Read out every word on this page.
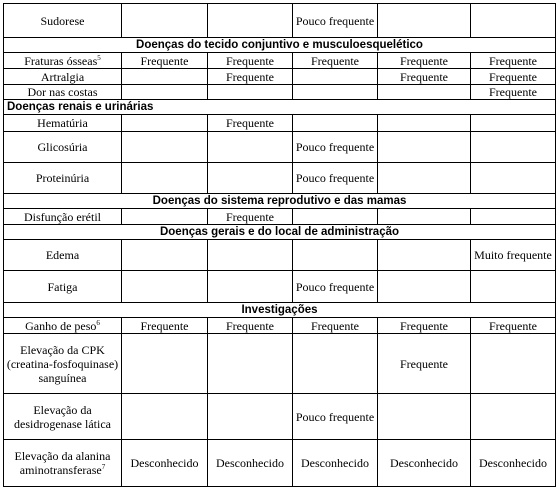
Sudorese			Pouco frequente		
Doenças do tecido conjuntivo e musculoesquelético					
Fraturas ósseas$^5$	Frequente	Frequente	Frequente	Frequente	Frequente
Artralgia		Frequente		Frequente	Frequente
Dor nas costas					Frequente
Doenças renais e urinárias					
Hematúria		Frequente			
Glicosúria			Pouco frequente		
Proteinúria			Pouco frequente		
Doenças do sistema reprodutivo e das mamas					
Disfunção erétil		Frequente			
Doenças gerais e do local de administração					
Edema					Muito frequente
Fatiga			Pouco frequente		
Investigações					
Ganho de peso$^6$	Frequente	Frequente	Frequente	Frequente	Frequente
Elevação da CPK (creatina-fosfoquinase) sanguínea				Frequente	
Elevação da desidrogenase lática			Pouco frequente		
Elevação da alanina aminotransferase$^7$	Desconhecido	Desconhecido	Desconhecido	Desconhecido	Desconhecido
